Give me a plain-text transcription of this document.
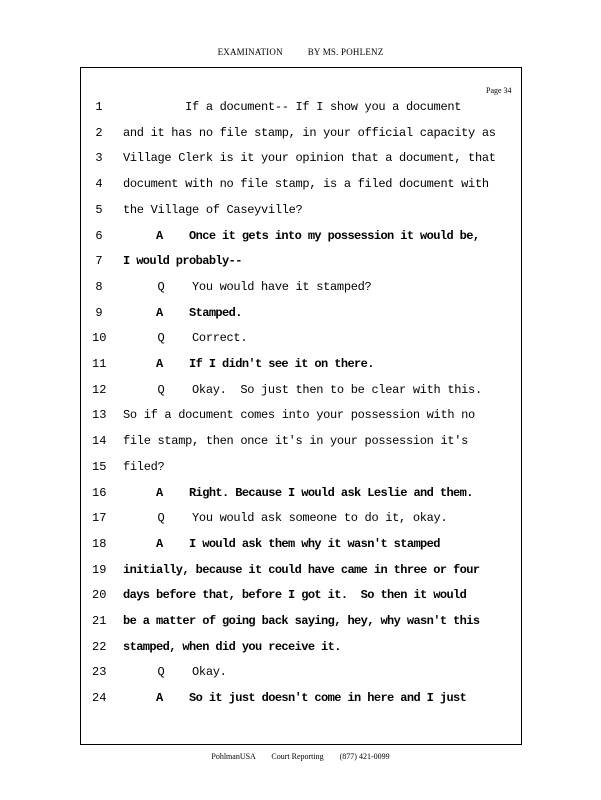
EXAMINATION	BY MS. POHLENZ
Page 34
1 If a document-- If I show you a document
2 and it has no file stamp, in your official capacity as
3 Village Clerk is it your opinion that a document, that
4 document with no file stamp, is a filed document with
5 the Village of Caseyville?
6 A    Once it gets into my possession it would be,
7 I would probably--
8 Q    You would have it stamped?
9 A    Stamped.
10 Q    Correct.
11 A    If I didn't see it on there.
12 Q    Okay.  So just then to be clear with this.
13 So if a document comes into your possession with no
14 file stamp, then once it's in your possession it's
15 filed?
16 A    Right. Because I would ask Leslie and them.
17 Q    You would ask someone to do it, okay.
18 A    I would ask them why it wasn't stamped
19 initially, because it could have came in three or four
20 days before that, before I got it.  So then it would
21 be a matter of going back saying, hey, why wasn't this
22 stamped, when did you receive it.
23 Q    Okay.
24 A    So it just doesn't come in here and I just
PohlmanUSA Court Reporting (877) 421-0099
